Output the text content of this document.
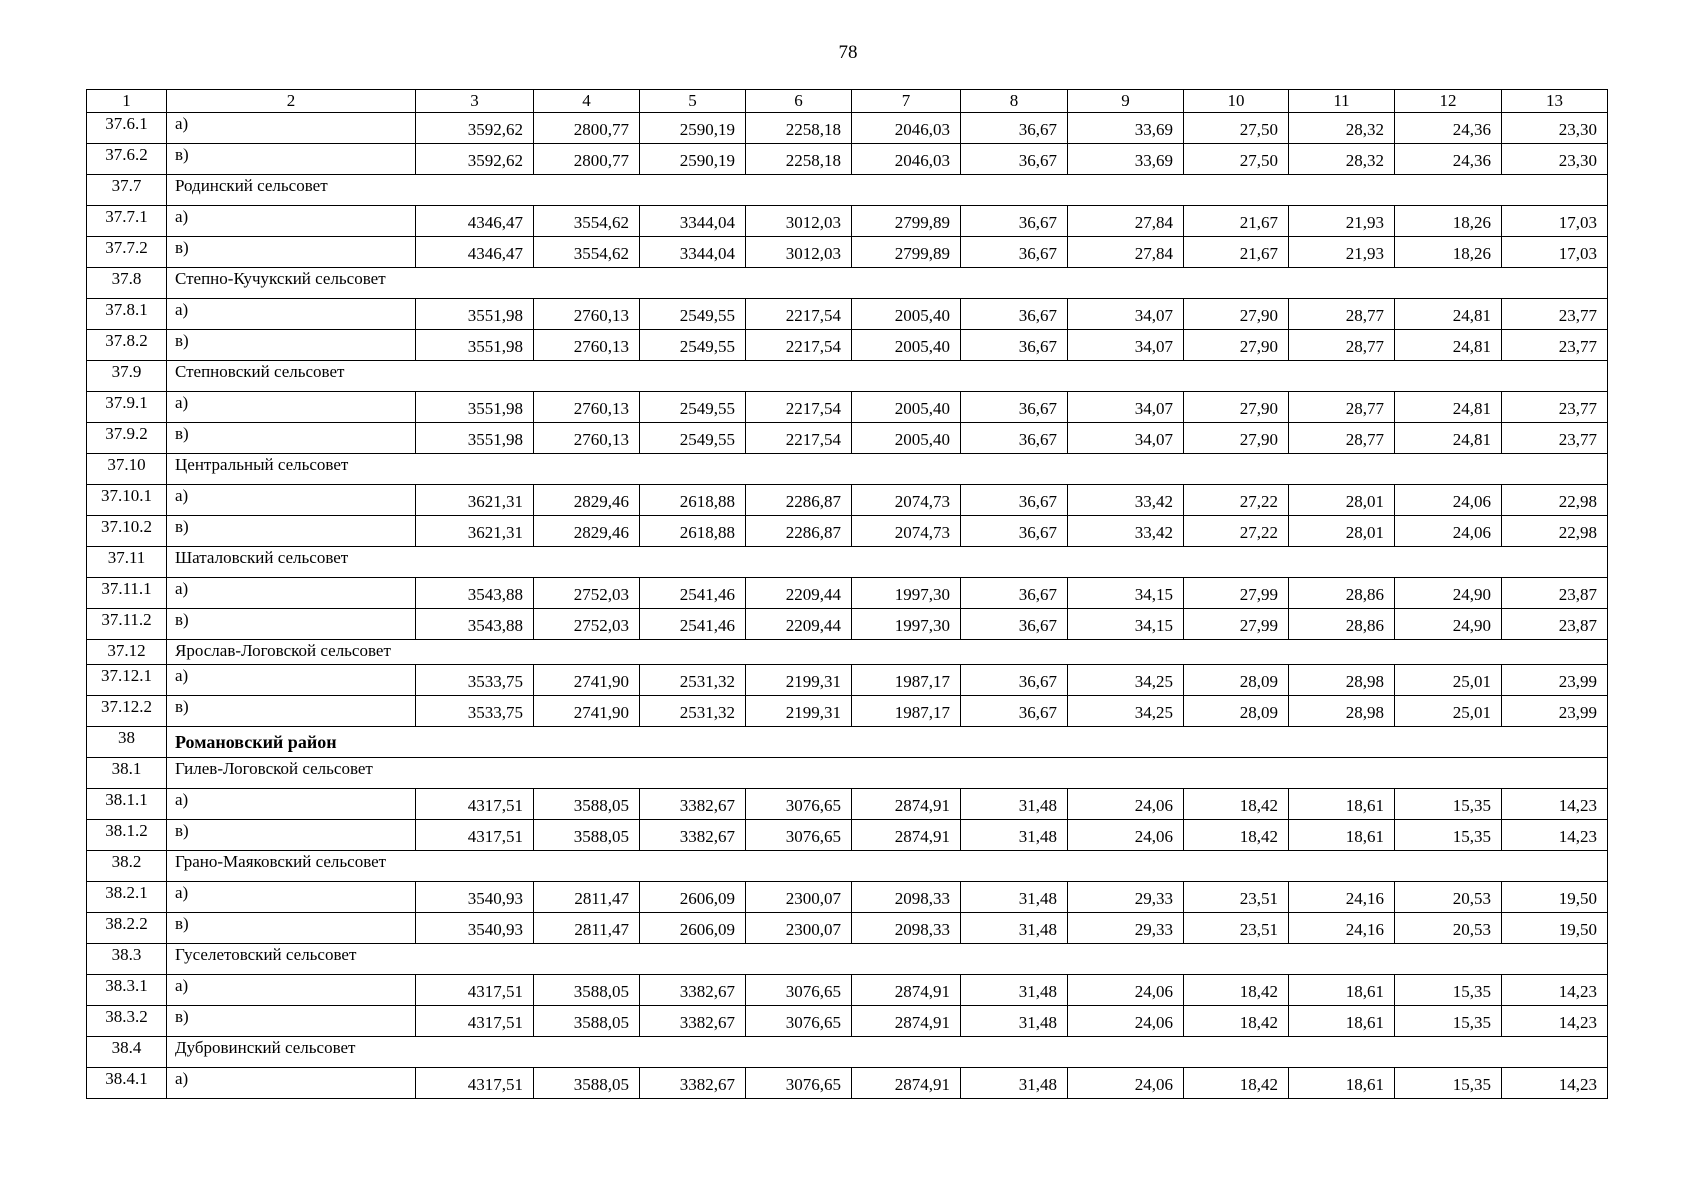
78
1	2	3	4	5	6	7	8	9	10	11	12	13
37.6.1	а)	3592,62	2800,77	2590,19	2258,18	2046,03	36,67	33,69	27,50	28,32	24,36	23,30
37.6.2	в)	3592,62	2800,77	2590,19	2258,18	2046,03	36,67	33,69	27,50	28,32	24,36	23,30
37.7	Родинский сельсовет											
37.7.1	а)	4346,47	3554,62	3344,04	3012,03	2799,89	36,67	27,84	21,67	21,93	18,26	17,03
37.7.2	в)	4346,47	3554,62	3344,04	3012,03	2799,89	36,67	27,84	21,67	21,93	18,26	17,03
37.8	Степно-Кучукский сельсовет											
37.8.1	а)	3551,98	2760,13	2549,55	2217,54	2005,40	36,67	34,07	27,90	28,77	24,81	23,77
37.8.2	в)	3551,98	2760,13	2549,55	2217,54	2005,40	36,67	34,07	27,90	28,77	24,81	23,77
37.9	Степновский сельсовет											
37.9.1	а)	3551,98	2760,13	2549,55	2217,54	2005,40	36,67	34,07	27,90	28,77	24,81	23,77
37.9.2	в)	3551,98	2760,13	2549,55	2217,54	2005,40	36,67	34,07	27,90	28,77	24,81	23,77
37.10	Центральный сельсовет											
37.10.1	а)	3621,31	2829,46	2618,88	2286,87	2074,73	36,67	33,42	27,22	28,01	24,06	22,98
37.10.2	в)	3621,31	2829,46	2618,88	2286,87	2074,73	36,67	33,42	27,22	28,01	24,06	22,98
37.11	Шаталовский сельсовет											
37.11.1	а)	3543,88	2752,03	2541,46	2209,44	1997,30	36,67	34,15	27,99	28,86	24,90	23,87
37.11.2	в)	3543,88	2752,03	2541,46	2209,44	1997,30	36,67	34,15	27,99	28,86	24,90	23,87
37.12	Ярослав-Логовской сельсовет											
37.12.1	а)	3533,75	2741,90	2531,32	2199,31	1987,17	36,67	34,25	28,09	28,98	25,01	23,99
37.12.2	в)	3533,75	2741,90	2531,32	2199,31	1987,17	36,67	34,25	28,09	28,98	25,01	23,99
38	Романовский район											
38.1	Гилев-Логовской сельсовет											
38.1.1	а)	4317,51	3588,05	3382,67	3076,65	2874,91	31,48	24,06	18,42	18,61	15,35	14,23
38.1.2	в)	4317,51	3588,05	3382,67	3076,65	2874,91	31,48	24,06	18,42	18,61	15,35	14,23
38.2	Грано-Маяковский сельсовет											
38.2.1	а)	3540,93	2811,47	2606,09	2300,07	2098,33	31,48	29,33	23,51	24,16	20,53	19,50
38.2.2	в)	3540,93	2811,47	2606,09	2300,07	2098,33	31,48	29,33	23,51	24,16	20,53	19,50
38.3	Гуселетовский сельсовет											
38.3.1	а)	4317,51	3588,05	3382,67	3076,65	2874,91	31,48	24,06	18,42	18,61	15,35	14,23
38.3.2	в)	4317,51	3588,05	3382,67	3076,65	2874,91	31,48	24,06	18,42	18,61	15,35	14,23
38.4	Дубровинский сельсовет											
38.4.1	а)	4317,51	3588,05	3382,67	3076,65	2874,91	31,48	24,06	18,42	18,61	15,35	14,23
